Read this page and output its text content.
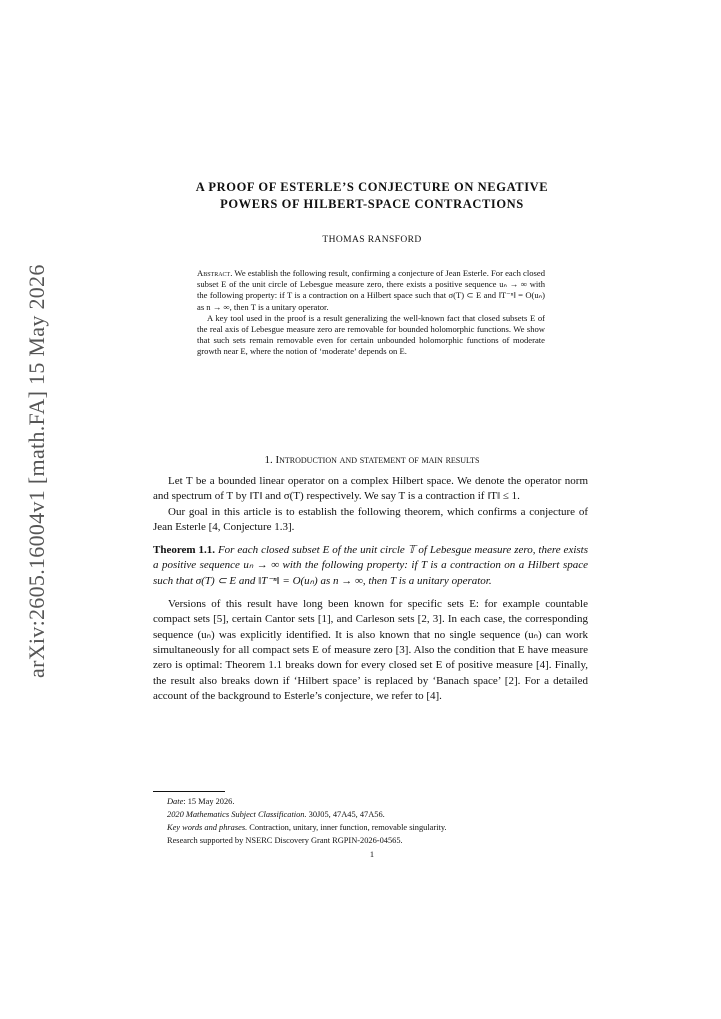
arXiv:2605.16004v1 [math.FA] 15 May 2026
A PROOF OF ESTERLE’S CONJECTURE ON NEGATIVE
POWERS OF HILBERT-SPACE CONTRACTIONS
THOMAS RANSFORD

Abstract. We establish the following result, confirming a conjecture of Jean Esterle. For each closed subset E of the unit circle of Lebesgue measure zero, there exists a positive sequence uₙ → ∞ with the following property: if T is a contraction on a Hilbert space such that σ(T) ⊂ E and ‖T⁻ⁿ‖ = O(uₙ) as n → ∞, then T is a unitary operator.

A key tool used in the proof is a result generalizing the well-known fact that closed subsets E of the real axis of Lebesgue measure zero are removable for bounded holomorphic functions. We show that such sets remain removable even for certain unbounded holomorphic functions of moderate growth near E, where the notion of ‘moderate’ depends on E.

1. Introduction and statement of main results

Let T be a bounded linear operator on a complex Hilbert space. We denote the operator norm and spectrum of T by ‖T‖ and σ(T) respectively. We say T is a contraction if ‖T‖ ≤ 1.

Our goal in this article is to establish the following theorem, which confirms a conjecture of Jean Esterle [4, Conjecture 1.3].

Theorem 1.1. For each closed subset E of the unit circle 𝕋 of Lebesgue measure zero, there exists a positive sequence uₙ → ∞ with the following property: if T is a contraction on a Hilbert space such that σ(T) ⊂ E and ‖T⁻ⁿ‖ = O(uₙ) as n → ∞, then T is a unitary operator.

Versions of this result have long been known for specific sets E: for example countable compact sets [5], certain Cantor sets [1], and Carleson sets [2, 3]. In each case, the corresponding sequence (uₙ) was explicitly identified. It is also known that no single sequence (uₙ) can work simultaneously for all compact sets E of measure zero [3]. Also the condition that E have measure zero is optimal: Theorem 1.1 breaks down for every closed set E of positive measure [4]. Finally, the result also breaks down if ‘Hilbert space’ is replaced by ‘Banach space’ [2]. For a detailed account of the background to Esterle’s conjecture, we refer to [4].

Date: 15 May 2026.
2020 Mathematics Subject Classification. 30J05, 47A45, 47A56.
Key words and phrases. Contraction, unitary, inner function, removable singularity.
Research supported by NSERC Discovery Grant RGPIN-2026-04565.
1
